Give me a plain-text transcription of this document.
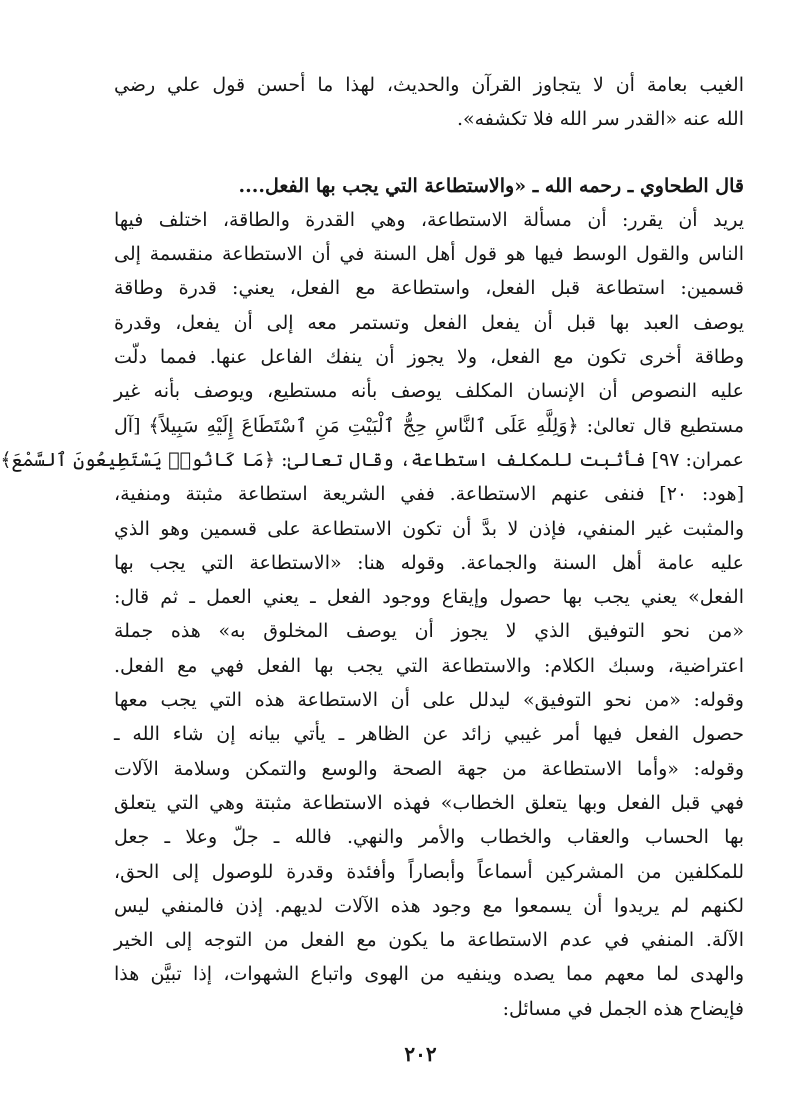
الغيب بعامة أن لا يتجاوز القرآن والحديث، لهذا ما أحسن قول علي رضي
الله عنه «القدر سر الله فلا تكشفه».
قال الطحاوي ـ رحمه الله ـ «والاستطاعة التي يجب بها الفعل....
يريد أن يقرر: أن مسألة الاستطاعة، وهي القدرة والطاقة، اختلف فيها
الناس والقول الوسط فيها هو قول أهل السنة في أن الاستطاعة منقسمة إلى
قسمين: استطاعة قبل الفعل، واستطاعة مع الفعل، يعني: قدرة وطاقة
يوصف العبد بها قبل أن يفعل الفعل وتستمر معه إلى أن يفعل، وقدرة
وطاقة أخرى تكون مع الفعل، ولا يجوز أن ينفك الفاعل عنها. فمما دلّت
عليه النصوص أن الإنسان المكلف يوصف بأنه مستطيع، ويوصف بأنه غير
مستطيع قال تعالىٰ: ﴿وَلِلَّهِ عَلَى ٱلنَّاسِ حِجُّ ٱلْبَيْتِ مَنِ ٱسْتَطَاعَ إِلَيْهِ سَبِيلاً﴾ [آل
عمران: ٩٧] فأثبت للمكلف استطاعة، وقال تعالىٰ: ﴿مَا كَانُوا۟ يَسْتَطِيعُونَ ٱلسَّمْعَ﴾
[هود: ٢٠] فنفى عنهم الاستطاعة. ففي الشريعة استطاعة مثبتة ومنفية،
والمثبت غير المنفي، فإذن لا بدَّ أن تكون الاستطاعة على قسمين وهو الذي
عليه عامة أهل السنة والجماعة. وقوله هنا: «الاستطاعة التي يجب بها
الفعل» يعني يجب بها حصول وإيقاع ووجود الفعل ـ يعني العمل ـ ثم قال:
«من نحو التوفيق الذي لا يجوز أن يوصف المخلوق به» هذه جملة
اعتراضية، وسبك الكلام: والاستطاعة التي يجب بها الفعل فهي مع الفعل.
وقوله: «من نحو التوفيق» ليدلل على أن الاستطاعة هذه التي يجب معها
حصول الفعل فيها أمر غيبي زائد عن الظاهر ـ يأتي بيانه إن شاء الله ـ
وقوله: «وأما الاستطاعة من جهة الصحة والوسع والتمكن وسلامة الآلات
فهي قبل الفعل وبها يتعلق الخطاب» فهذه الاستطاعة مثبتة وهي التي يتعلق
بها الحساب والعقاب والخطاب والأمر والنهي. فالله ـ جلّ وعلا ـ جعل
للمكلفين من المشركين أسماعاً وأبصاراً وأفئدة وقدرة للوصول إلى الحق،
لكنهم لم يريدوا أن يسمعوا مع وجود هذه الآلات لديهم. إذن فالمنفي ليس
الآلة. المنفي في عدم الاستطاعة ما يكون مع الفعل من التوجه إلى الخير
والهدى لما معهم مما يصده وينفيه من الهوى واتباع الشهوات، إذا تبيَّن هذا
فإيضاح هذه الجمل في مسائل:
٢٠٢
